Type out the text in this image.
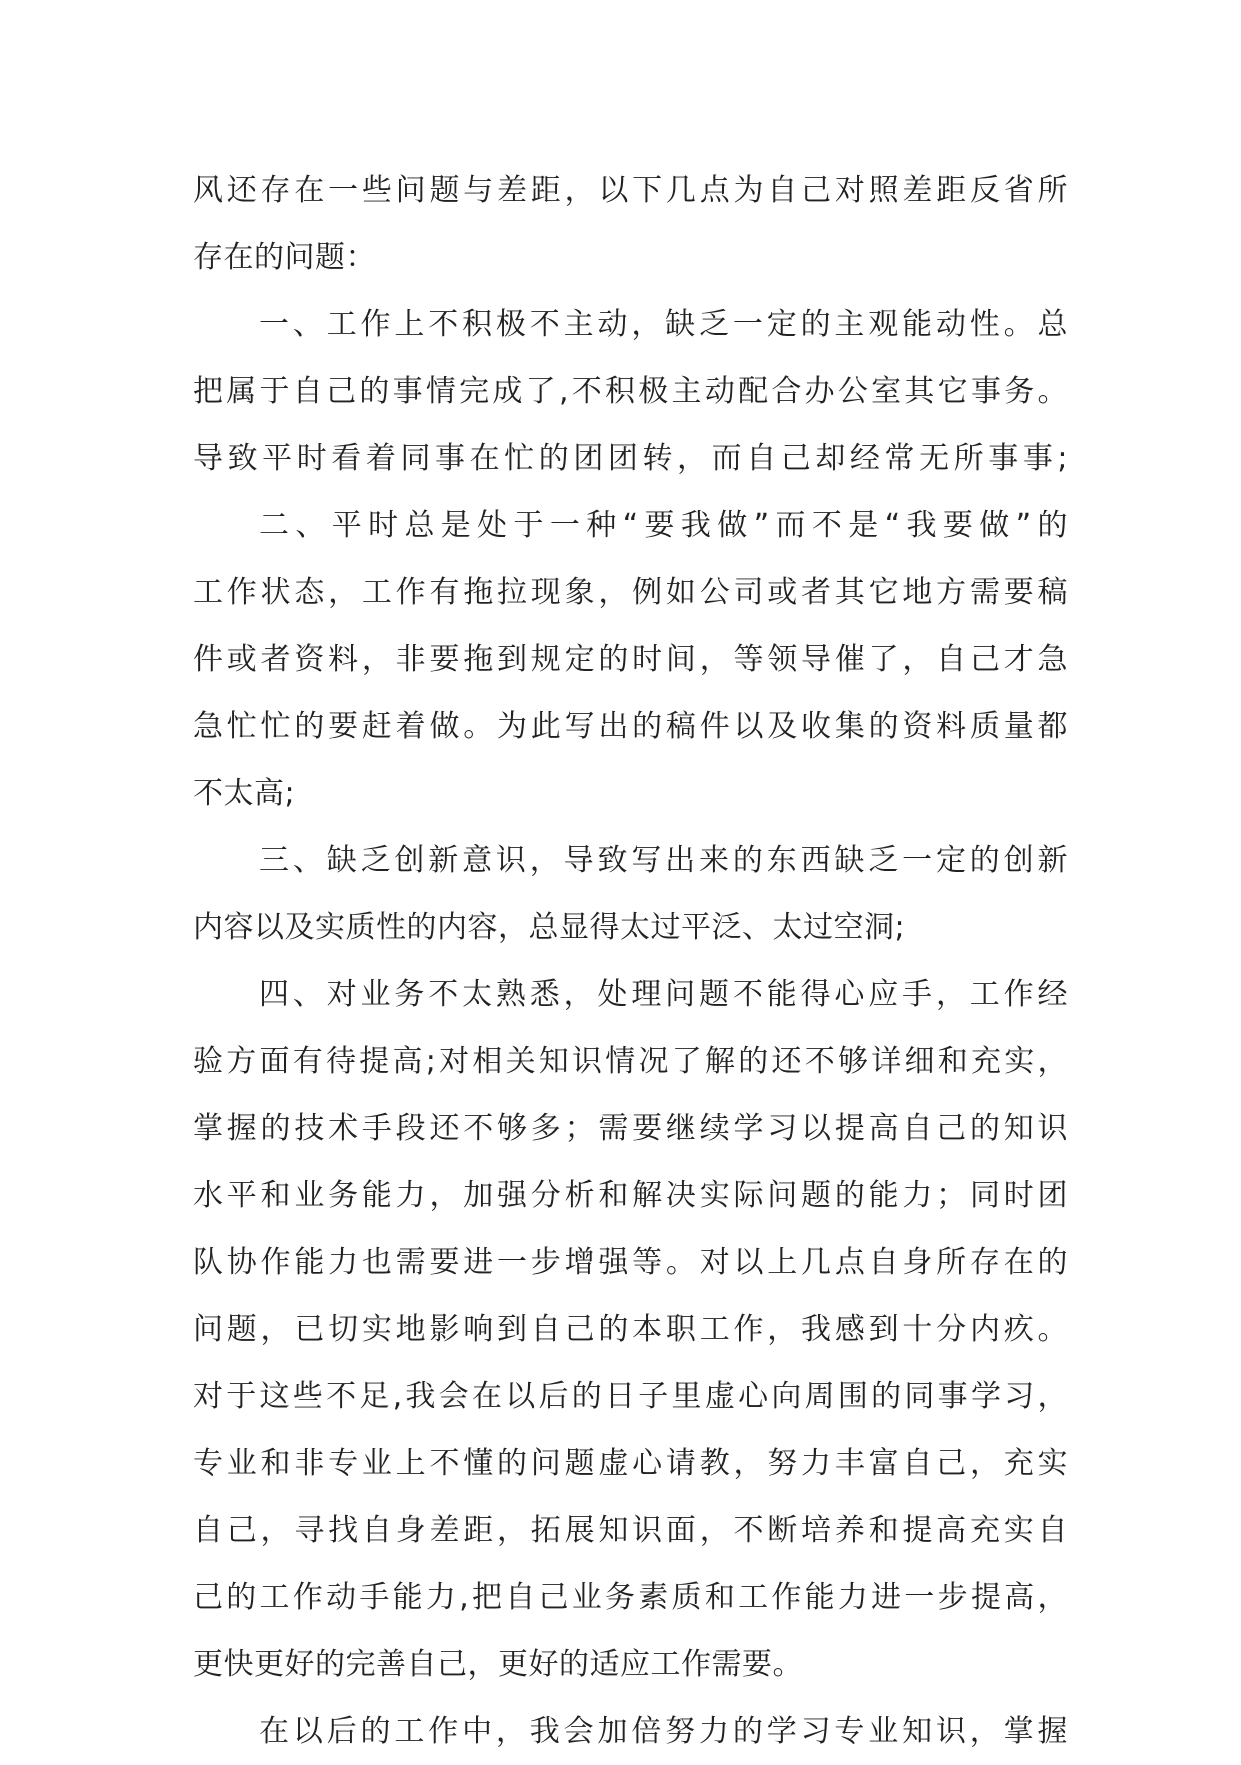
风还存在一些问题与差距，以下几点为自己对照差距反省所
存在的问题：
一、工作上不积极不主动，缺乏一定的主观能动性。总
把属于自己的事情完成了,不积极主动配合办公室其它事务。
导致平时看着同事在忙的团团转，而自己却经常无所事事;
二、平时总是处于一种“要我做”而不是“我要做”的
工作状态，工作有拖拉现象，例如公司或者其它地方需要稿
件或者资料，非要拖到规定的时间，等领导催了，自己才急
急忙忙的要赶着做。为此写出的稿件以及收集的资料质量都
不太高;
三、缺乏创新意识，导致写出来的东西缺乏一定的创新
内容以及实质性的内容，总显得太过平泛、太过空洞;
四、对业务不太熟悉，处理问题不能得心应手，工作经
验方面有待提高;对相关知识情况了解的还不够详细和充实，
掌握的技术手段还不够多；需要继续学习以提高自己的知识
水平和业务能力，加强分析和解决实际问题的能力；同时团
队协作能力也需要进一步增强等。对以上几点自身所存在的
问题，已切实地影响到自己的本职工作，我感到十分内疚。
对于这些不足,我会在以后的日子里虚心向周围的同事学习，
专业和非专业上不懂的问题虚心请教，努力丰富自己，充实
自己，寻找自身差距，拓展知识面，不断培养和提高充实自
己的工作动手能力,把自己业务素质和工作能力进一步提高，
更快更好的完善自己，更好的适应工作需要。
在以后的工作中，我会加倍努力的学习专业知识，掌握
